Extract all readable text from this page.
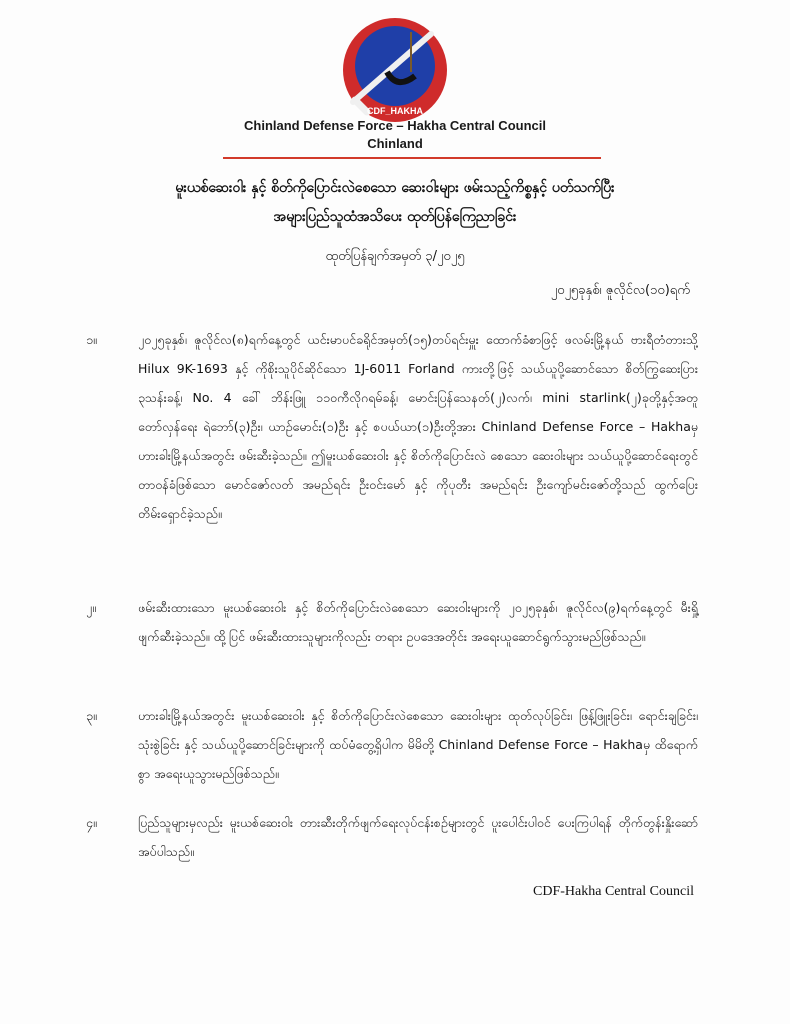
CDF_HAKHA
Chinland Defense Force – Hakha Central Council
Chinland
မူးယစ်ဆေးဝါး နှင့် စိတ်ကိုပြောင်းလဲစေသော ဆေးဝါးများ ဖမ်းသည့်ကိစ္စနှင့် ပတ်သက်ပြီး
အများပြည်သူထံအသိပေး ထုတ်ပြန်ကြေညာခြင်း
ထုတ်ပြန်ချက်အမှတ် ၃/၂၀၂၅
၂၀၂၅ခုနှစ်၊ ဇူလိုင်လ(၁၀)ရက်
၁။	၂၀၂၅ခုနှစ်၊ ဇူလိုင်လ(၈)ရက်နေ့တွင် ယင်းမာပင်ခရိုင်အမှတ်(၁၅)တပ်ရင်းမှူး ထောက်ခံစာဖြင့် ဖလမ်းမြို့နယ် ဗားရီတံတားသို့ Hilux 9K-1693 နှင့် ကိုစိုးသူပိုင်ဆိုင်သော 1J-6011 Forland ကားတို့ဖြင့် သယ်ယူပို့ဆောင်သော စိတ်ကြွဆေးပြား ၃သန်းခန့်၊ No. 4 ခေါ် ဘိန်းဖြူ ၁၁၀ကီလိုဂရမ်ခန့်၊ မောင်းပြန်သေနတ်(၂)လက်၊ mini starlink(၂)ခုတို့နှင့်အတူ တော်လှန်ရေး ရဲဘော်(၃)ဦး၊ ယာဉ်မောင်း(၁)ဦး နှင့် စပယ်ယာ(၁)ဦးတို့အား Chinland Defense Force – Hakhaမှ ဟားခါးမြို့နယ်အတွင်း ဖမ်းဆီးခဲ့သည်။ ဤမူးယစ်ဆေးဝါး နှင့် စိတ်ကိုပြောင်းလဲ စေသော ဆေးဝါးများ သယ်ယူပို့ဆောင်ရေးတွင် တာဝန်ခံဖြစ်သော မောင်ဇော်လတ် အမည်ရင်း ဦးဝင်းမော် နှင့် ကိုပုတီး အမည်ရင်း ဦးကျော်မင်းဇော်တို့သည် ထွက်ပြေးတိမ်းရှောင်ခဲ့သည်။
၂။	ဖမ်းဆီးထားသော မူးယစ်ဆေးဝါး နှင့် စိတ်ကိုပြောင်းလဲစေသော ဆေးဝါးများကို ၂၀၂၅ခုနှစ်၊ ဇူလိုင်လ(၉)ရက်နေ့တွင် မီးရှို့ဖျက်ဆီးခဲ့သည်။ ထို့ပြင် ဖမ်းဆီးထားသူများကိုလည်း တရား ဥပဒေအတိုင်း အရေးယူဆောင်ရွက်သွားမည်ဖြစ်သည်။
၃။	ဟားခါးမြို့နယ်အတွင်း မူးယစ်ဆေးဝါး နှင့် စိတ်ကိုပြောင်းလဲစေသော ဆေးဝါးများ ထုတ်လုပ်ခြင်း၊ ဖြန့်ဖြူးခြင်း၊ ရောင်းချခြင်း၊ သုံးစွဲခြင်း နှင့် သယ်ယူပို့ဆောင်ခြင်းများကို ထပ်မံတွေ့ရှိပါက မိမိတို့ Chinland Defense Force – Hakhaမှ ထိရောက်စွာ အရေးယူသွားမည်ဖြစ်သည်။
၄။	ပြည်သူများမှလည်း မူးယစ်ဆေးဝါး တားဆီးတိုက်ဖျက်ရေးလုပ်ငန်းစဉ်များတွင် ပူးပေါင်းပါဝင် ပေးကြပါရန် တိုက်တွန်းနှိုးဆော်အပ်ပါသည်။
CDF-Hakha Central Council
